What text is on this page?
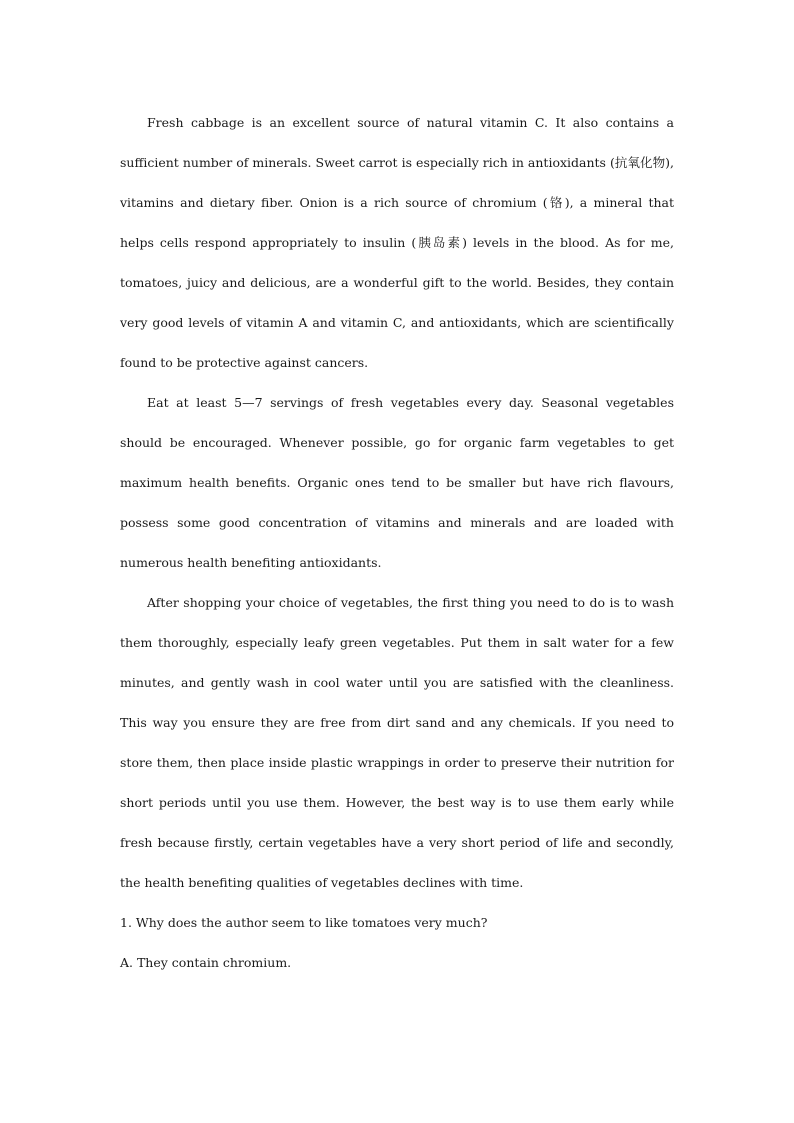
Fresh cabbage is an excellent source of natural vitamin C. It also contains a sufficient number of minerals. Sweet carrot is especially rich in antioxidants (抗氧化物), vitamins and dietary fiber. Onion is a rich source of chromium (铬), a mineral that helps cells respond appropriately to insulin (胰岛素) levels in the blood. As for me, tomatoes, juicy and delicious, are a wonderful gift to the world. Besides, they contain very good levels of vitamin A and vitamin C, and antioxidants, which are scientifically found to be protective against cancers.

Eat at least 5—7 servings of fresh vegetables every day. Seasonal vegetables should be encouraged. Whenever possible, go for organic farm vegetables to get maximum health benefits. Organic ones tend to be smaller but have rich flavours, possess some good concentration of vitamins and minerals and are loaded with numerous health benefiting antioxidants.

After shopping your choice of vegetables, the first thing you need to do is to wash them thoroughly, especially leafy green vegetables. Put them in salt water for a few minutes, and gently wash in cool water until you are satisfied with the cleanliness. This way you ensure they are free from dirt sand and any chemicals. If you need to store them, then place inside plastic wrappings in order to preserve their nutrition for short periods until you use them. However, the best way is to use them early while fresh because firstly, certain vegetables have a very short period of life and secondly, the health benefiting qualities of vegetables declines with time.

1. Why does the author seem to like tomatoes very much?

A. They contain chromium.
